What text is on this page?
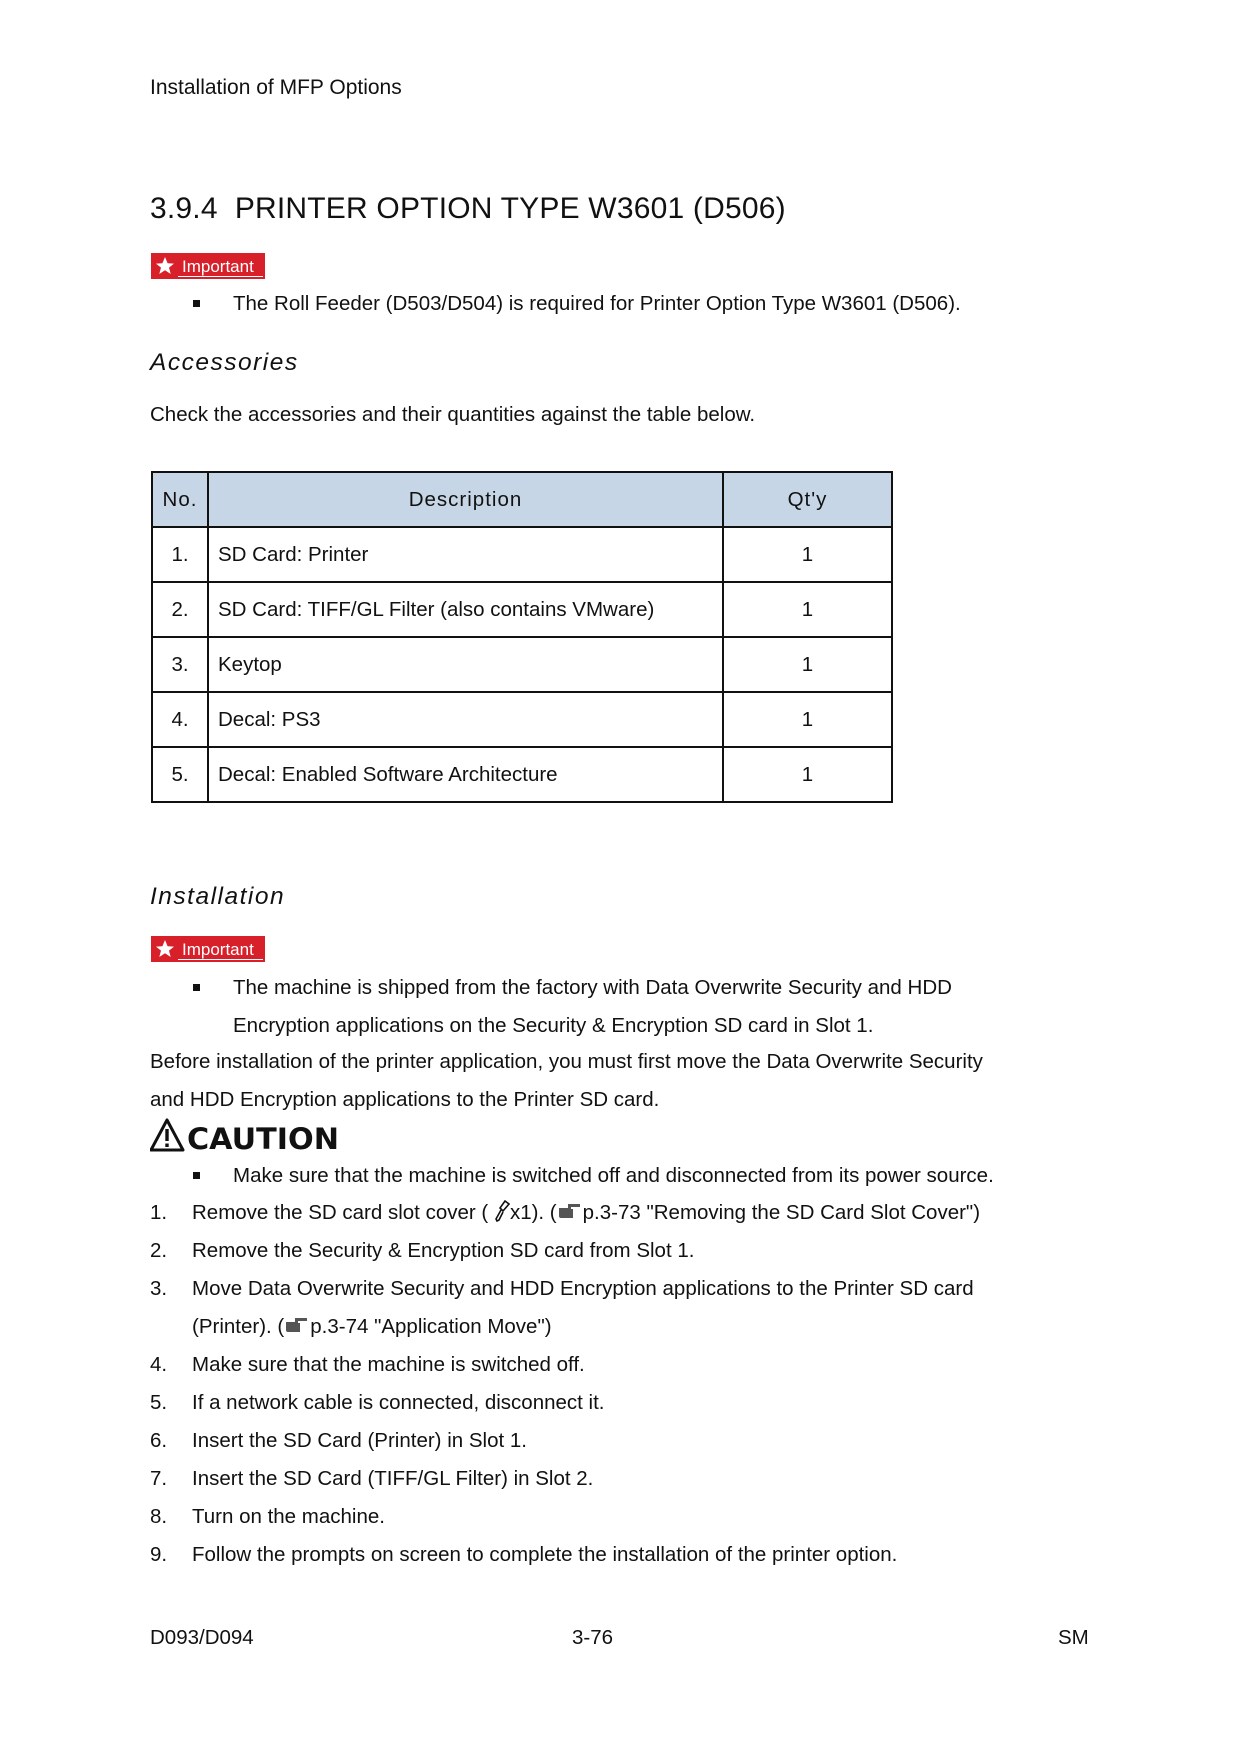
Installation of MFP Options
3.9.4 PRINTER OPTION TYPE W3601 (D506)
Important
The Roll Feeder (D503/D504) is required for Printer Option Type W3601 (D506).
Accessories
Check the accessories and their quantities against the table below.
No.	Description	Qt'y
1.	SD Card: Printer	1
2.	SD Card: TIFF/GL Filter (also contains VMware)	1
3.	Keytop	1
4.	Decal: PS3	1
5.	Decal: Enabled Software Architecture	1
Installation
Important
The machine is shipped from the factory with Data Overwrite Security and HDD
Encryption applications on the Security & Encryption SD card in Slot 1.
Before installation of the printer application, you must first move the Data Overwrite Security
and HDD Encryption applications to the Printer SD card.
CAUTION
Make sure that the machine is switched off and disconnected from its power source.
1. Remove the SD card slot cover ( x1). ( p.3-73 "Removing the SD Card Slot Cover")
2. Remove the Security & Encryption SD card from Slot 1.
3. Move Data Overwrite Security and HDD Encryption applications to the Printer SD card
(Printer). ( p.3-74 "Application Move")
4. Make sure that the machine is switched off.
5. If a network cable is connected, disconnect it.
6. Insert the SD Card (Printer) in Slot 1.
7. Insert the SD Card (TIFF/GL Filter) in Slot 2.
8. Turn on the machine.
9. Follow the prompts on screen to complete the installation of the printer option.
D093/D094	3-76	SM
